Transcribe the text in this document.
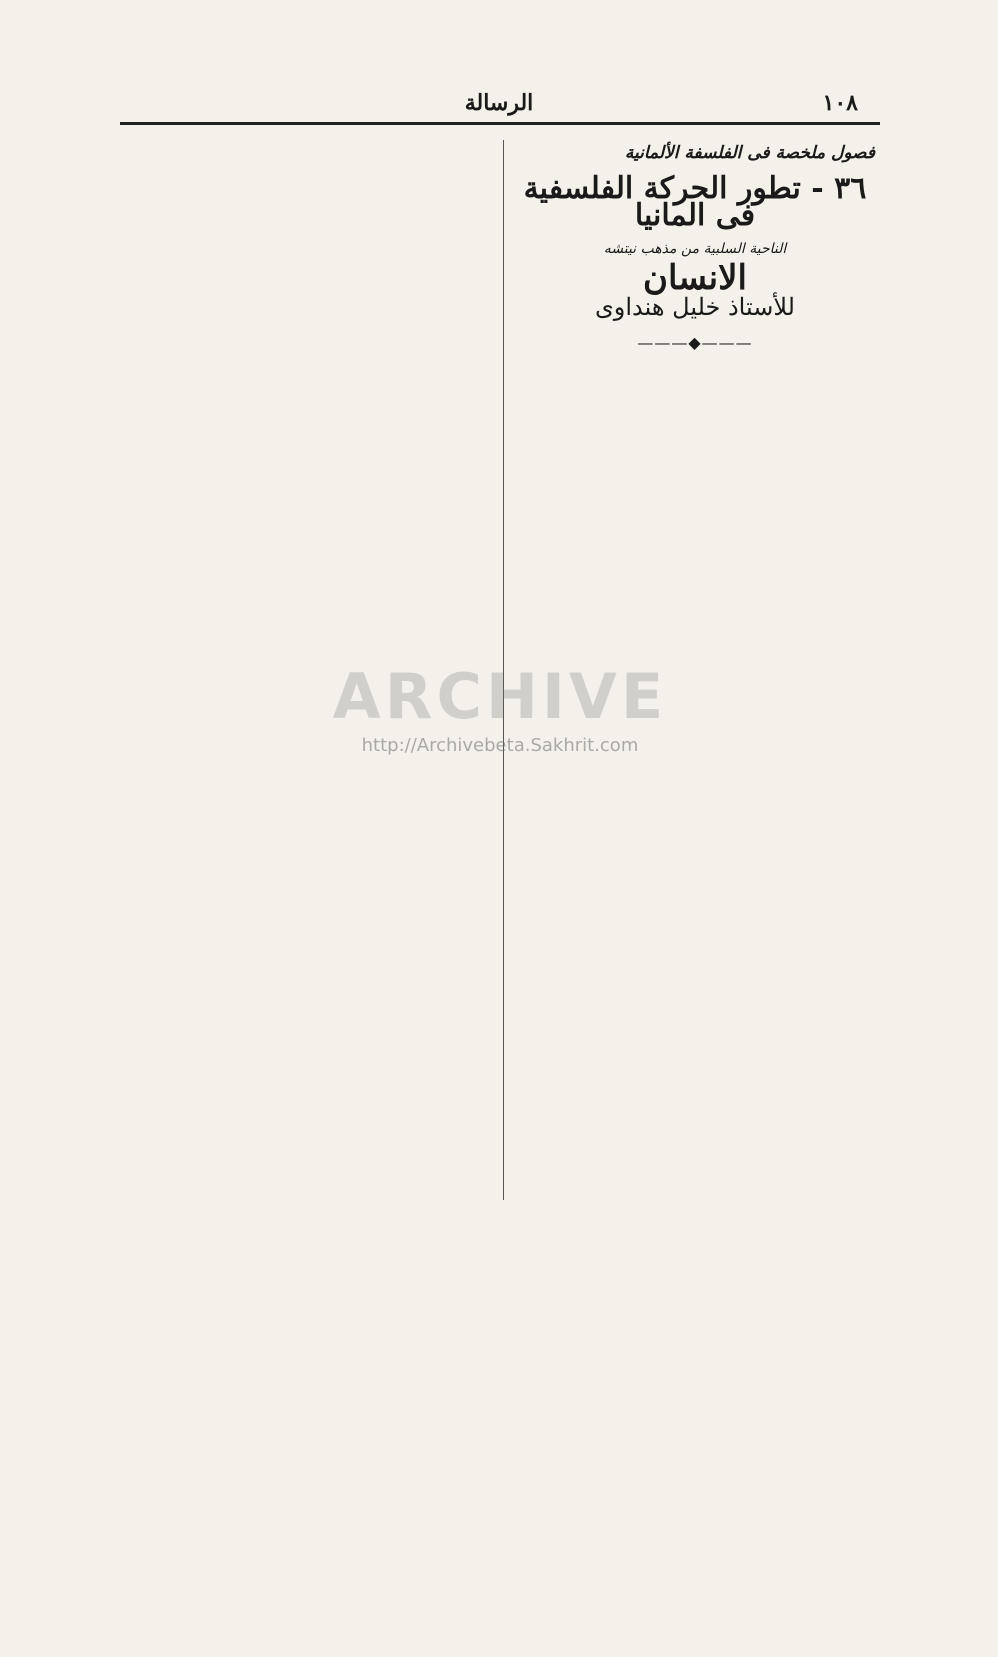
١٠٨
الرسالة
فصول ملخصة فى الفلسفة الألمانية
٣٦ - تطور الحركة الفلسفية فى المانيا
الناحية السلبية من مذهب نيتشه
الانسان
للأستاذ خليل هنداوى
———◆———
ARCHIVE
http://Archivebeta.Sakhrit.com
